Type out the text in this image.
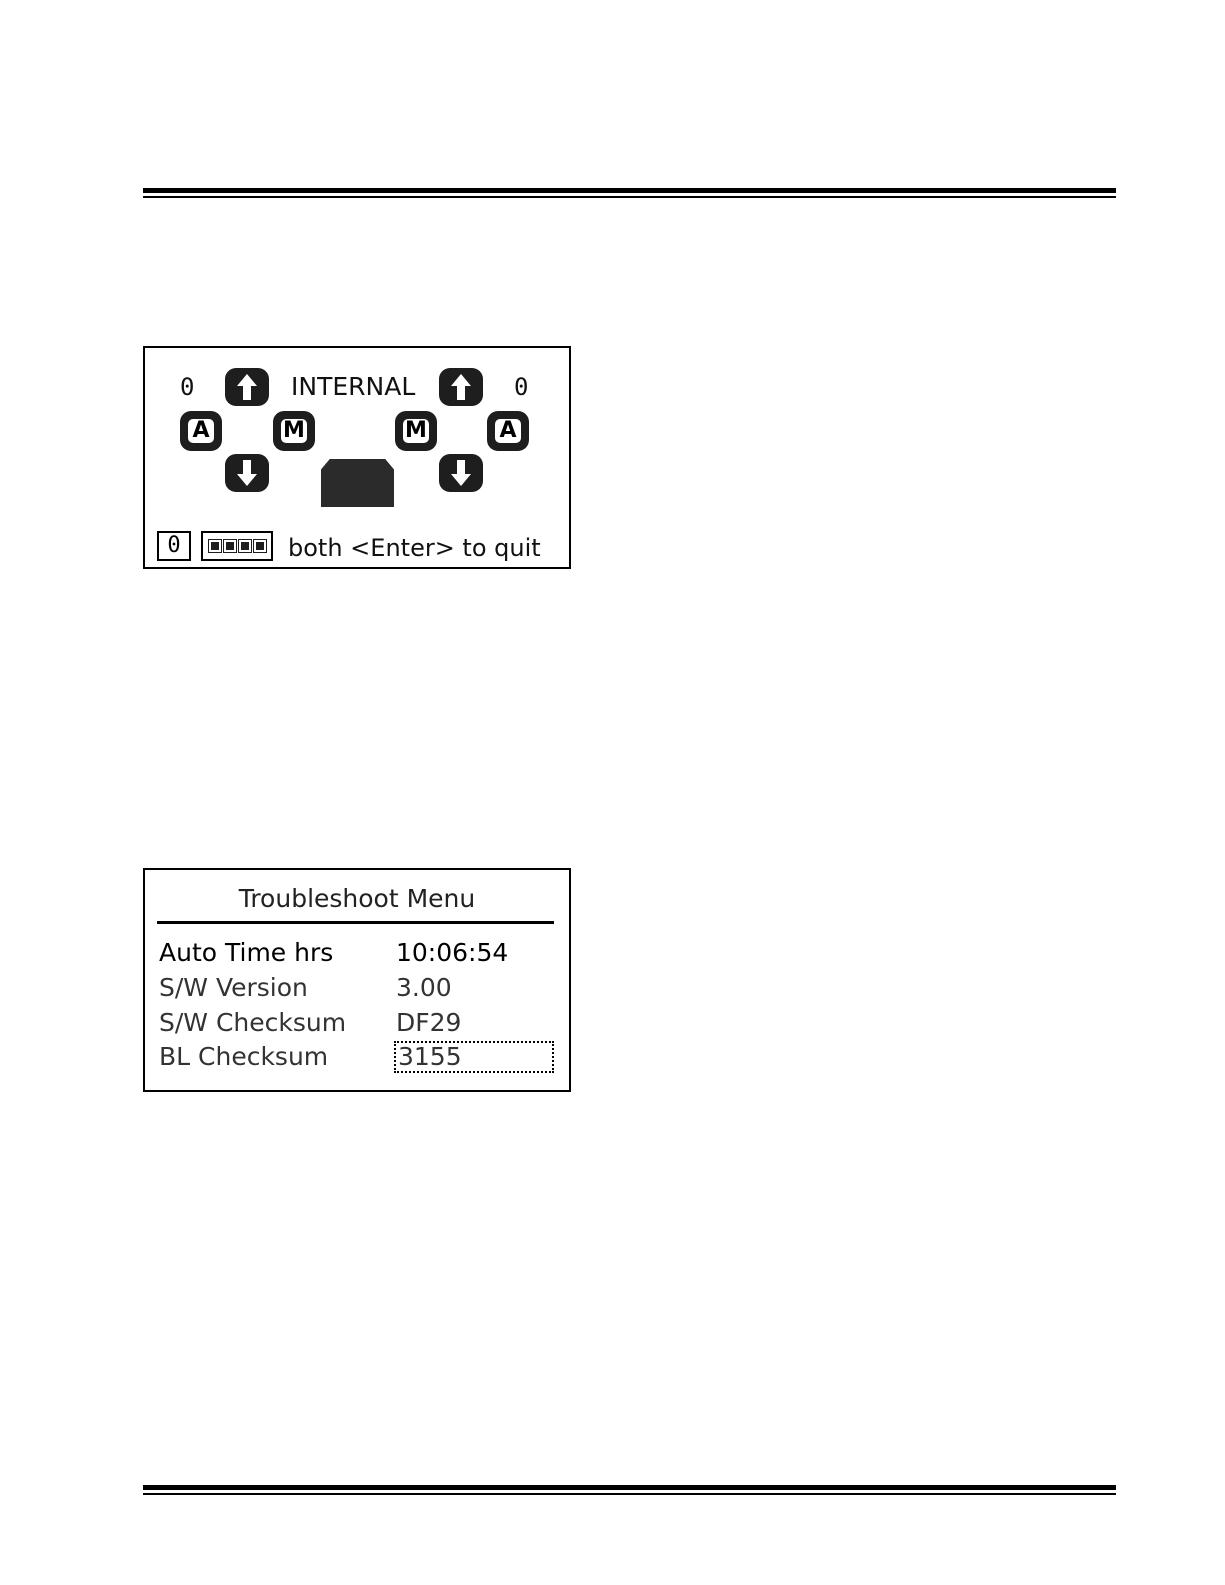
0	0
INTERNAL
A	M	M	A
0	both <Enter> to quit
Troubleshoot Menu
Auto Time hrs	10:06:54
S/W Version	3.00
S/W Checksum DF29
BL Checksum	3155
